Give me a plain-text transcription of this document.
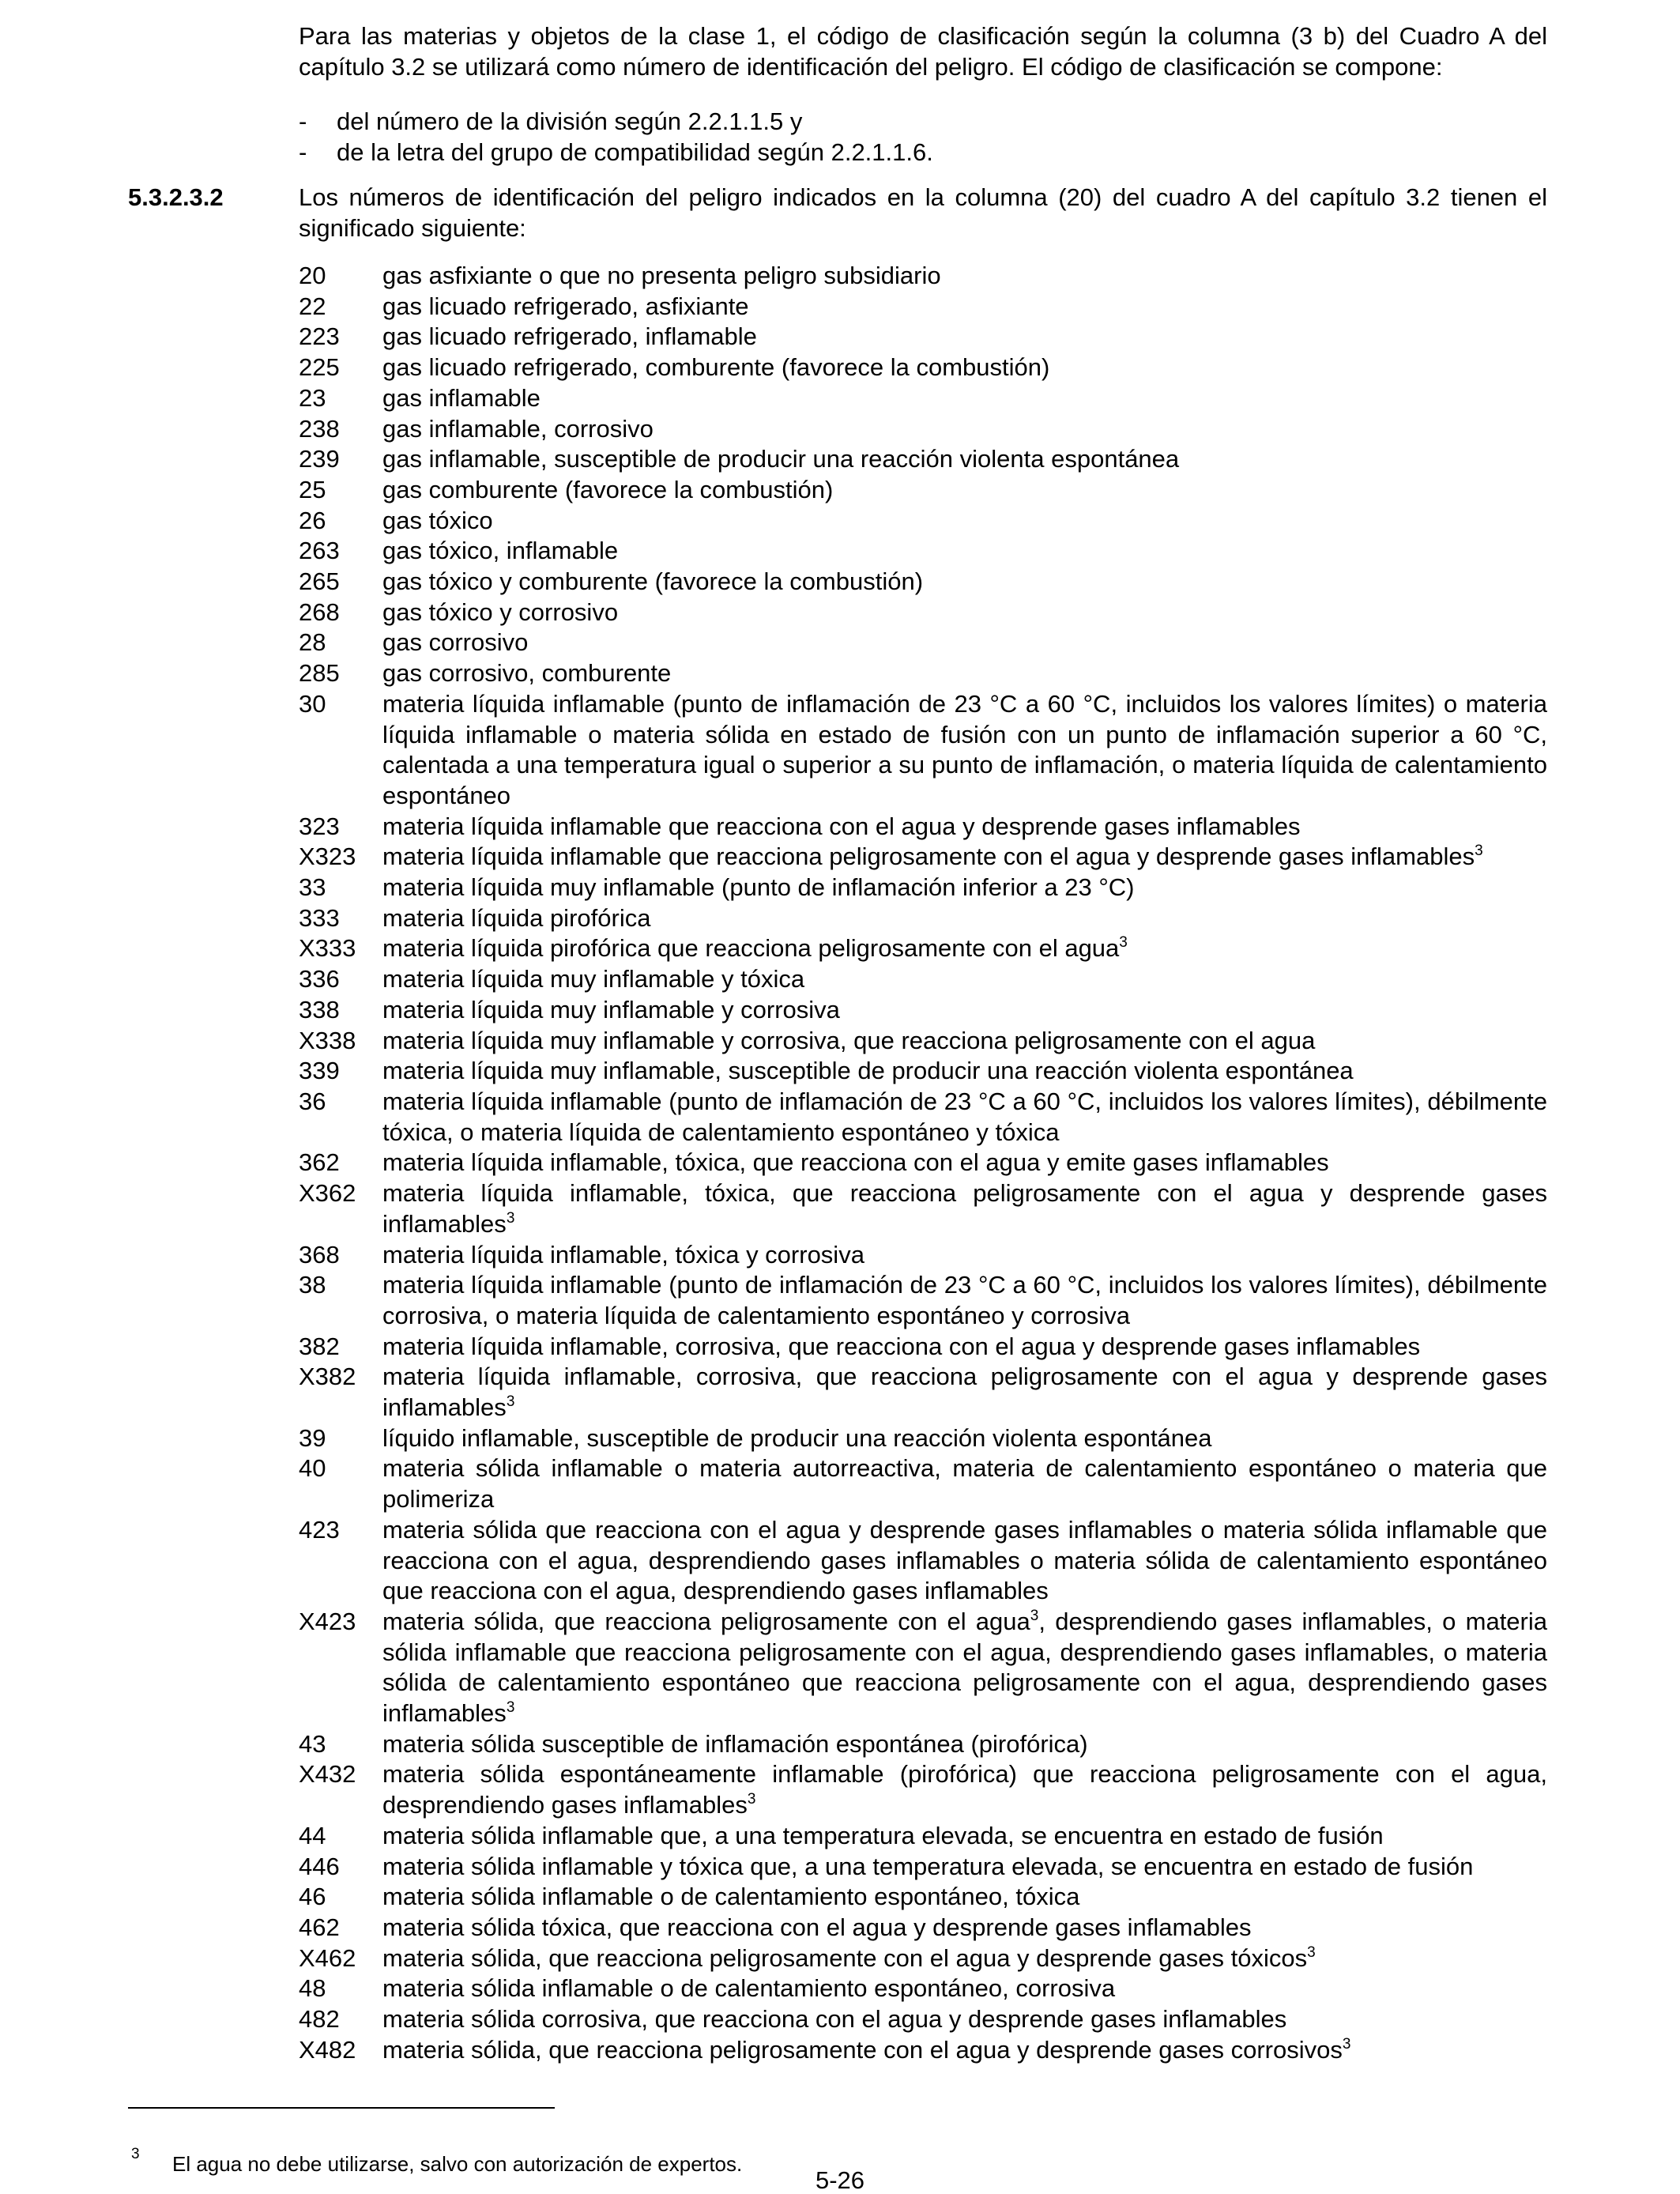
Para las materias y objetos de la clase 1, el código de clasificación según la columna (3 b) del Cuadro A del capítulo 3.2 se utilizará como número de identificación del peligro. El código de clasificación se compone:

-	del número de la división según 2.2.1.1.5 y
-	de la letra del grupo de compatibilidad según 2.2.1.1.6.
5.3.2.3.2	Los números de identificación del peligro indicados en la columna (20) del cuadro A del capítulo 3.2 tienen el significado siguiente:

20	gas asfixiante o que no presenta peligro subsidiario
22	gas licuado refrigerado, asfixiante
223	gas licuado refrigerado, inflamable
225	gas licuado refrigerado, comburente (favorece la combustión)
23	gas inflamable
238	gas inflamable, corrosivo
239	gas inflamable, susceptible de producir una reacción violenta espontánea
25	gas comburente (favorece la combustión)
26	gas tóxico
263	gas tóxico, inflamable
265	gas tóxico y comburente (favorece la combustión)
268	gas tóxico y corrosivo
28	gas corrosivo
285	gas corrosivo, comburente
30	materia líquida inflamable (punto de inflamación de 23 °C a 60 °C, incluidos los valores límites) o materia líquida inflamable o materia sólida en estado de fusión con un punto de inflamación superior a 60 °C, calentada a una temperatura igual o superior a su punto de inflamación, o materia líquida de calentamiento espontáneo
323	materia líquida inflamable que reacciona con el agua y desprende gases inflamables
X323	materia líquida inflamable que reacciona peligrosamente con el agua y desprende gases inflamables$^3$
33	materia líquida muy inflamable (punto de inflamación inferior a 23 °C)
333	materia líquida pirofórica
X333	materia líquida pirofórica que reacciona peligrosamente con el agua$^3$
336	materia líquida muy inflamable y tóxica
338	materia líquida muy inflamable y corrosiva
X338	materia líquida muy inflamable y corrosiva, que reacciona peligrosamente con el agua
339	materia líquida muy inflamable, susceptible de producir una reacción violenta espontánea
36	materia líquida inflamable (punto de inflamación de 23 °C a 60 °C, incluidos los valores límites), débilmente tóxica, o materia líquida de calentamiento espontáneo y tóxica
362	materia líquida inflamable, tóxica, que reacciona con el agua y emite gases inflamables
X362	materia líquida inflamable, tóxica, que reacciona peligrosamente con el agua y desprende gases inflamables$^3$
368	materia líquida inflamable, tóxica y corrosiva
38	materia líquida inflamable (punto de inflamación de 23 °C a 60 °C, incluidos los valores límites), débilmente corrosiva, o materia líquida de calentamiento espontáneo y corrosiva
382	materia líquida inflamable, corrosiva, que reacciona con el agua y desprende gases inflamables
X382	materia líquida inflamable, corrosiva, que reacciona peligrosamente con el agua y desprende gases inflamables$^3$
39	líquido inflamable, susceptible de producir una reacción violenta espontánea
40	materia sólida inflamable o materia autorreactiva, materia de calentamiento espontáneo o materia que polimeriza
423	materia sólida que reacciona con el agua y desprende gases inflamables o materia sólida inflamable que reacciona con el agua, desprendiendo gases inflamables o materia sólida de calentamiento espontáneo que reacciona con el agua, desprendiendo gases inflamables
X423	materia sólida, que reacciona peligrosamente con el agua$^3$, desprendiendo gases inflamables, o materia sólida inflamable que reacciona peligrosamente con el agua, desprendiendo gases inflamables, o materia sólida de calentamiento espontáneo que reacciona peligrosamente con el agua, desprendiendo gases inflamables$^3$
43	materia sólida susceptible de inflamación espontánea (pirofórica)
X432	materia sólida espontáneamente inflamable (pirofórica) que reacciona peligrosamente con el agua, desprendiendo gases inflamables$^3$
44	materia sólida inflamable que, a una temperatura elevada, se encuentra en estado de fusión
446	materia sólida inflamable y tóxica que, a una temperatura elevada, se encuentra en estado de fusión
46	materia sólida inflamable o de calentamiento espontáneo, tóxica
462	materia sólida tóxica, que reacciona con el agua y desprende gases inflamables
X462	materia sólida, que reacciona peligrosamente con el agua y desprende gases tóxicos$^3$
48	materia sólida inflamable o de calentamiento espontáneo, corrosiva
482	materia sólida corrosiva, que reacciona con el agua y desprende gases inflamables
X482	materia sólida, que reacciona peligrosamente con el agua y desprende gases corrosivos$^3$
3	El agua no debe utilizarse, salvo con autorización de expertos.
5-26
